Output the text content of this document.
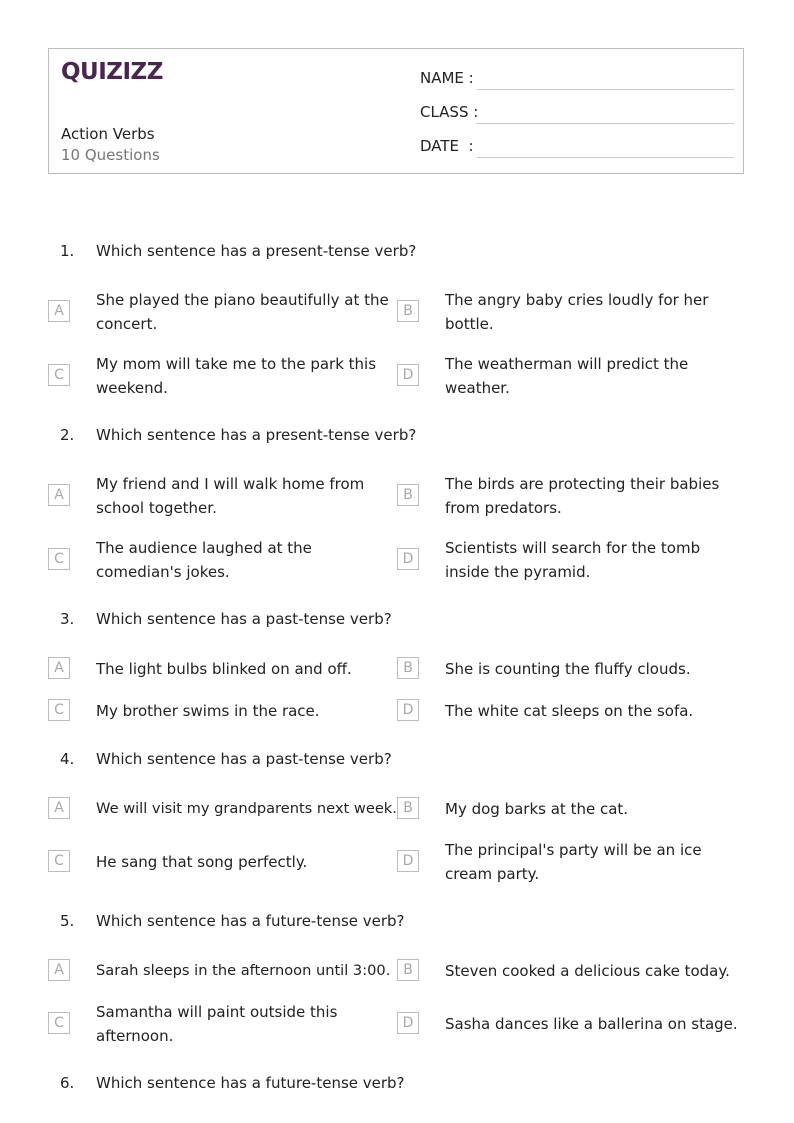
QUIZIZZ
Action Verbs
10 Questions
NAME :
CLASS :
DATE  :
1. Which sentence has a present-tense verb?
A
She played the piano beautifully at the concert.
B
The angry baby cries loudly for her bottle.
C
My mom will take me to the park this weekend.
D
The weatherman will predict the weather.
2. Which sentence has a present-tense verb?
A
My friend and I will walk home from school together.
B
The birds are protecting their babies from predators.
C
The audience laughed at the comedian's jokes.
D
Scientists will search for the tomb inside the pyramid.
3. Which sentence has a past-tense verb?
A	The light bulbs blinked on and off.	B	She is counting the fluffy clouds.
C	My brother swims in the race.	D	The white cat sleeps on the sofa.
4. Which sentence has a past-tense verb?
A	We will visit my grandparents next week. B	My dog barks at the cat.
C	He sang that song perfectly.	D
The principal's party will be an ice cream party.
5. Which sentence has a future-tense verb?
A	Sarah sleeps in the afternoon until 3:00. B	Steven cooked a delicious cake today.
C
Samantha will paint outside this afternoon.
D	Sasha dances like a ballerina on stage.
6. Which sentence has a future-tense verb?
